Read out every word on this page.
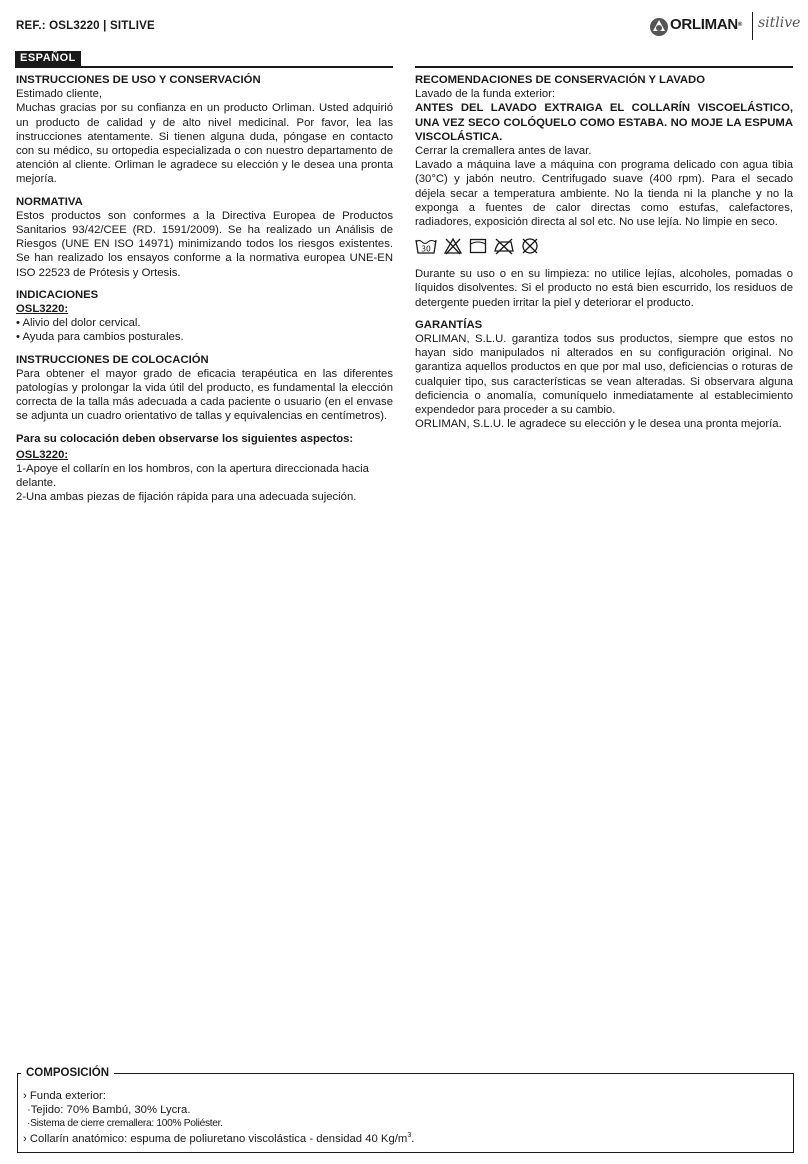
REF.: OSL3220 | SITLIVE	ORLIMAN® sitlive
ESPAÑOL

INSTRUCCIONES DE USO Y CONSERVACIÓN

Estimado cliente,

Muchas gracias por su confianza en un producto Orliman. Usted adquirió un producto de calidad y de alto nivel medicinal. Por favor, lea las instrucciones atentamente. Si tienen alguna duda, póngase en contacto con su médico, su ortopedia especializada o con nuestro departamento de atención al cliente. Orliman le agradece su elección y le desea una pronta mejoría.

NORMATIVA

Estos productos son conformes a la Directiva Europea de Productos Sanitarios 93/42/CEE (RD. 1591/2009). Se ha realizado un Análisis de Riesgos (UNE EN ISO 14971) minimizando todos los riesgos existentes. Se han realizado los ensayos conforme a la normativa europea UNE-EN ISO 22523 de Prótesis y Ortesis.

INDICACIONES

OSL3220:

• Alivio del dolor cervical.
• Ayuda para cambios posturales.

INSTRUCCIONES DE COLOCACIÓN

Para obtener el mayor grado de eficacia terapéutica en las diferentes patologías y prolongar la vida útil del producto, es fundamental la elección correcta de la talla más adecuada a cada paciente o usuario (en el envase se adjunta un cuadro orientativo de tallas y equivalencias en centímetros).

Para su colocación deben observarse los siguientes aspectos:

OSL3220:

1-Apoye el collarín en los hombros, con la apertura direccionada hacia delante.

2-Una ambas piezas de fijación rápida para una adecuada sujeción.

RECOMENDACIONES DE CONSERVACIÓN Y LAVADO

Lavado de la funda exterior:

ANTES DEL LAVADO EXTRAIGA EL COLLARÍN VISCOELÁSTICO, UNA VEZ SECO COLÓQUELO COMO ESTABA. NO MOJE LA ESPUMA VISCOLÁSTICA.

Cerrar la cremallera antes de lavar.

Lavado a máquina lave a máquina con programa delicado con agua tibia (30°C) y jabón neutro. Centrifugado suave (400 rpm). Para el secado déjela secar a temperatura ambiente. No la tienda ni la planche y no la exponga a fuentes de calor directas como estufas, calefactores, radiadores, exposición directa al sol etc. No use lejía. No limpie en seco.

30

Durante su uso o en su limpieza: no utilice lejías, alcoholes, pomadas o líquidos disolventes. Si el producto no está bien escurrido, los residuos de detergente pueden irritar la piel y deteriorar el producto.

GARANTÍAS

ORLIMAN, S.L.U. garantiza todos sus productos, siempre que estos no hayan sido manipulados ni alterados en su configuración original. No garantiza aquellos productos en que por mal uso, deficiencias o roturas de cualquier tipo, sus características se vean alteradas. Si observara alguna deficiencia o anomalía, comuníquelo inmediatamente al establecimiento expendedor para proceder a su cambio.

ORLIMAN, S.L.U. le agradece su elección y le desea una pronta mejoría.

COMPOSICIÓN

› Funda exterior:

·Tejido: 70% Bambú, 30% Lycra.

·Sistema de cierre cremallera: 100% Poliéster.

› Collarín anatómico: espuma de poliuretano viscolástica - densidad 40 $Kg/m^3$.
